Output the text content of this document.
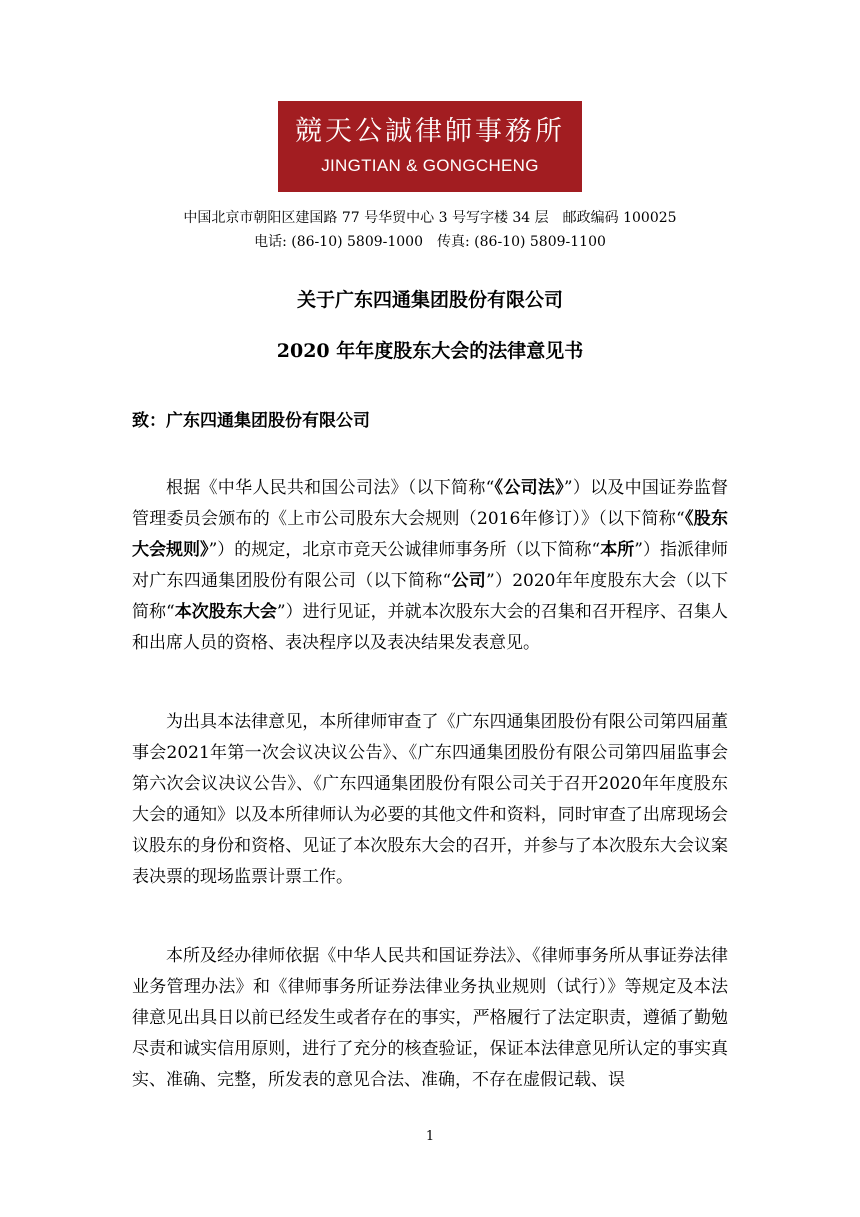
競天公誠律師事務所
JINGTIAN & GONGCHENG
中国北京市朝阳区建国路 77 号华贸中心 3 号写字楼 34 层　邮政编码 100025
电话: (86-10) 5809-1000　传真: (86-10) 5809-1100
关于广东四通集团股份有限公司
2020 年年度股东大会的法律意见书
致：广东四通集团股份有限公司

根据《中华人民共和国公司法》（以下简称“《公司法》”）以及中国证券监督管理委员会颁布的《上市公司股东大会规则（2016年修订）》（以下简称“《股东大会规则》”）的规定，北京市竞天公诚律师事务所（以下简称“本所”）指派律师对广东四通集团股份有限公司（以下简称“公司”）2020年年度股东大会（以下简称“本次股东大会”）进行见证，并就本次股东大会的召集和召开程序、召集人和出席人员的资格、表决程序以及表决结果发表意见。

为出具本法律意见，本所律师审查了《广东四通集团股份有限公司第四届董事会2021年第一次会议决议公告》、《广东四通集团股份有限公司第四届监事会第六次会议决议公告》、《广东四通集团股份有限公司关于召开2020年年度股东大会的通知》以及本所律师认为必要的其他文件和资料，同时审查了出席现场会议股东的身份和资格、见证了本次股东大会的召开，并参与了本次股东大会议案表决票的现场监票计票工作。

本所及经办律师依据《中华人民共和国证券法》、《律师事务所从事证券法律业务管理办法》和《律师事务所证券法律业务执业规则（试行）》等规定及本法律意见出具日以前已经发生或者存在的事实，严格履行了法定职责，遵循了勤勉尽责和诚实信用原则，进行了充分的核查验证，保证本法律意见所认定的事实真实、准确、完整，所发表的意见合法、准确，不存在虚假记载、误

1
